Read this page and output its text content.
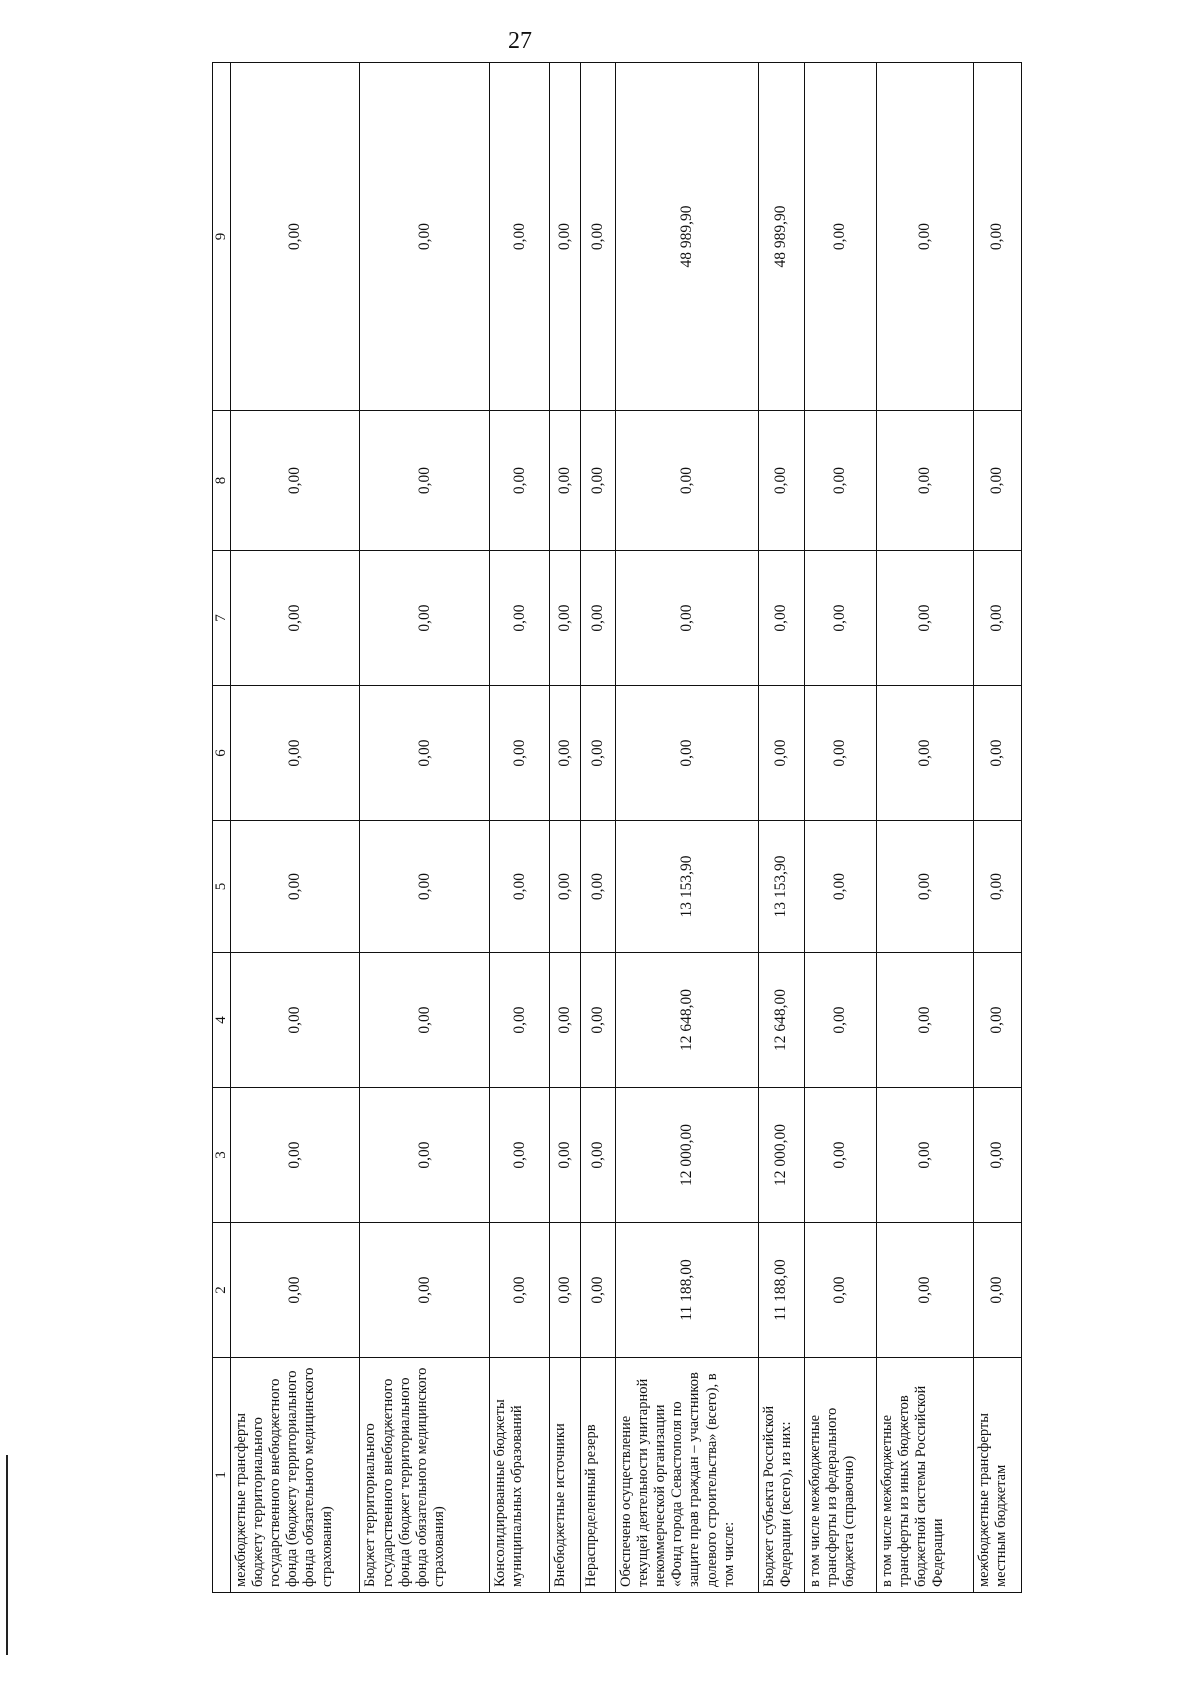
27
1	2	3	4	5	6	7	8	9
межбюджетные трансферты бюджету территориального государственного внебюджетного фонда (бюджету территориального фонда обязательного медицинского страхования)	0,00	0,00	0,00	0,00	0,00	0,00	0,00	0,00
Бюджет территориального государственного внебюджетного фонда (бюджет территориального фонда обязательного медицинского страхования)	0,00	0,00	0,00	0,00	0,00	0,00	0,00	0,00
Консолидированные бюджеты муниципальных образований	0,00	0,00	0,00	0,00	0,00	0,00	0,00	0,00
Внебюджетные источники	0,00	0,00	0,00	0,00	0,00	0,00	0,00	0,00
Нераспределенный резерв	0,00	0,00	0,00	0,00	0,00	0,00	0,00	0,00
Обеспечено осуществление текущей деятельности унитарной некоммерческой организации «Фонд города Севастополя по защите прав граждан – участников долевого строительства» (всего), в том числе:	11 188,00	12 000,00	12 648,00	13 153,90	0,00	0,00	0,00	48 989,90
Бюджет субъекта Российской Федерации (всего), из них:	11 188,00	12 000,00	12 648,00	13 153,90	0,00	0,00	0,00	48 989,90
в том числе межбюджетные трансферты из федерального бюджета (справочно)	0,00	0,00	0,00	0,00	0,00	0,00	0,00	0,00
в том числе межбюджетные трансферты из иных бюджетов бюджетной системы Российской Федерации	0,00	0,00	0,00	0,00	0,00	0,00	0,00	0,00
межбюджетные трансферты местным бюджетам	0,00	0,00	0,00	0,00	0,00	0,00	0,00	0,00
